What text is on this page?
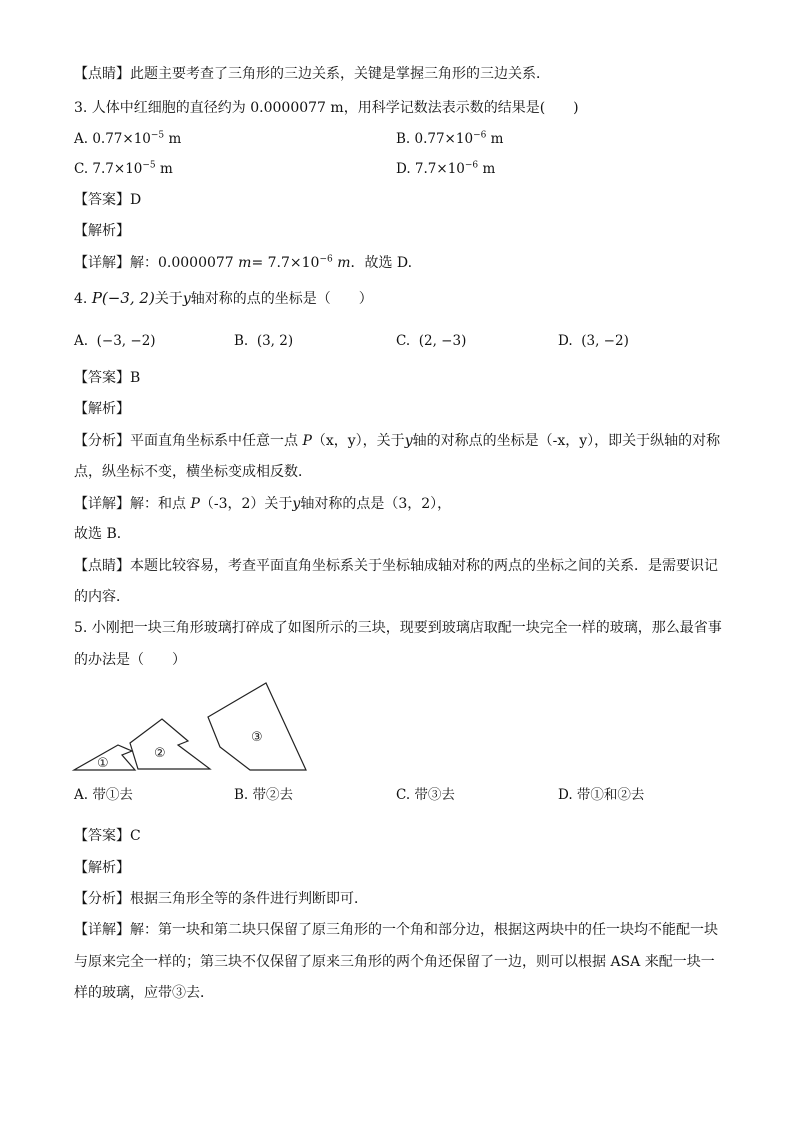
【点睛】此题主要考查了三角形的三边关系，关键是掌握三角形的三边关系．
3. 人体中红细胞的直径约为 0.0000077 m，用科学记数法表示数的结果是(　　)
A. $0.77\times 10^{-5}$ m	B. $0.77\times 10^{-6}$ m
C. $7.7\times 10^{-5}$ m	D. $7.7\times 10^{-6}$ m
【答案】D
【解析】
【详解】解：0.0000077 $m= 7.7\times 10^{-6}$ m．故选 D.
4. P(−3, 2)关于y轴对称的点的坐标是（　　）
A. (−3, −2)	B. (3, 2)	C. (2, −3)	D. (3, −2)
【答案】B
【解析】
【分析】平面直角坐标系中任意一点 P（x，y），关于y轴的对称点的坐标是（-x，y），即关于纵轴的对称
点，纵坐标不变，横坐标变成相反数．
【详解】解：和点 P（-3，2）关于y轴对称的点是（3，2），
故选 B．
【点睛】本题比较容易，考查平面直角坐标系关于坐标轴成轴对称的两点的坐标之间的关系．是需要识记
的内容．
5. 小刚把一块三角形玻璃打碎成了如图所示的三块，现要到玻璃店取配一块完全一样的玻璃，那么最省事
的办法是（　　）
①
②
③
A. 带①去	B. 带②去	C. 带③去	D. 带①和②去
【答案】C
【解析】
【分析】根据三角形全等的条件进行判断即可．
【详解】解：第一块和第二块只保留了原三角形的一个角和部分边，根据这两块中的任一块均不能配一块
与原来完全一样的；第三块不仅保留了原来三角形的两个角还保留了一边，则可以根据 ASA 来配一块一
样的玻璃，应带③去．
